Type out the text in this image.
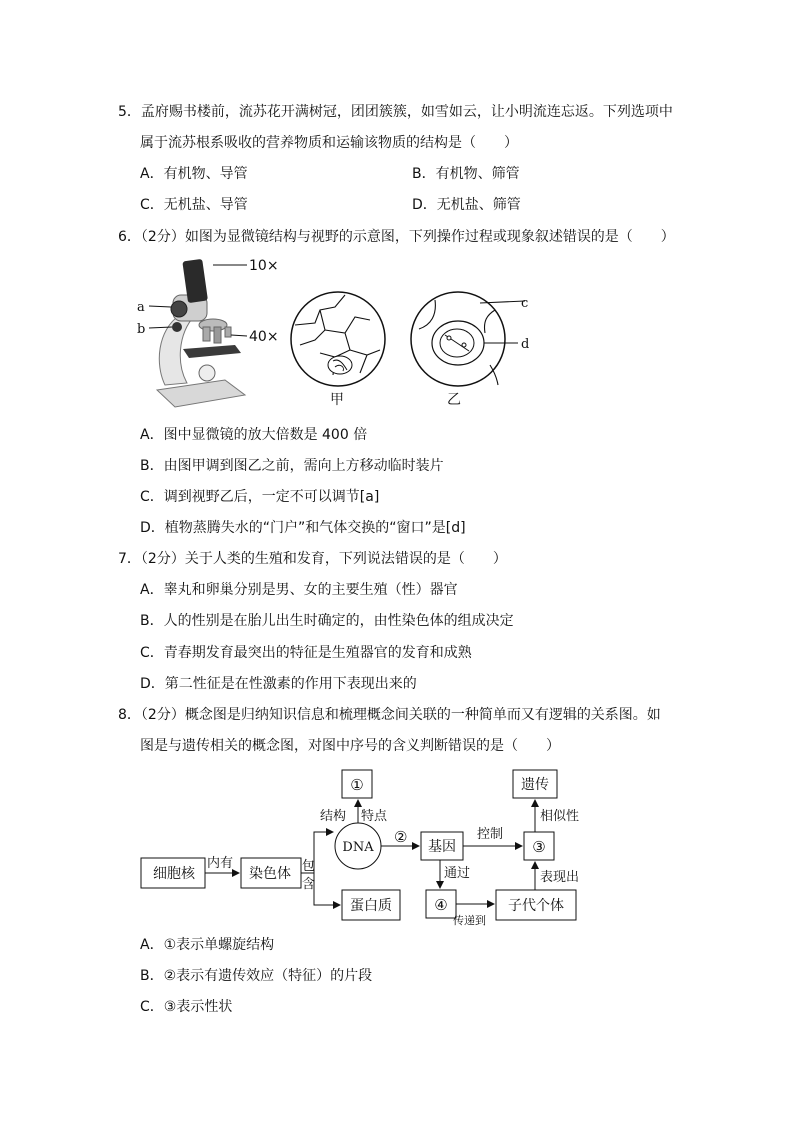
5．孟府赐书楼前，流苏花开满树冠，团团簇簇，如雪如云，让小明流连忘返。下列选项中
属于流苏根系吸收的营养物质和运输该物质的结构是（　　）
A．有机物、导管	B．有机物、筛管
C．无机盐、导管	D．无机盐、筛管
6．（2分）如图为显微镜结构与视野的示意图，下列操作过程或现象叙述错误的是（　　）
10×
a
b	40×
甲
c
d
乙
A．图中显微镜的放大倍数是 400 倍
B．由图甲调到图乙之前，需向上方移动临时装片
C．调到视野乙后，一定不可以调节[a]
D．植物蒸腾失水的“门户”和气体交换的“窗口”是[d]
7．（2分）关于人类的生殖和发育，下列说法错误的是（　　）
A．睾丸和卵巢分别是男、女的主要生殖（性）器官
B．人的性别是在胎儿出生时确定的，由性染色体的组成决定
C．青春期发育最突出的特征是生殖器官的发育和成熟
D．第二性征是在性激素的作用下表现出来的
8．（2分）概念图是归纳知识信息和梳理概念间关联的一种简单而又有逻辑的关系图。如
图是与遗传相关的概念图，对图中序号的含义判断错误的是（　　）
细胞核
内有
染色体 包
含
DNA
蛋白质
结构 特点
①
②
基因
通过
④
传递到
控制
③
遗传
相似性
表现出
子代个体
A．①表示单螺旋结构
B．②表示有遗传效应（特征）的片段
C．③表示性状
